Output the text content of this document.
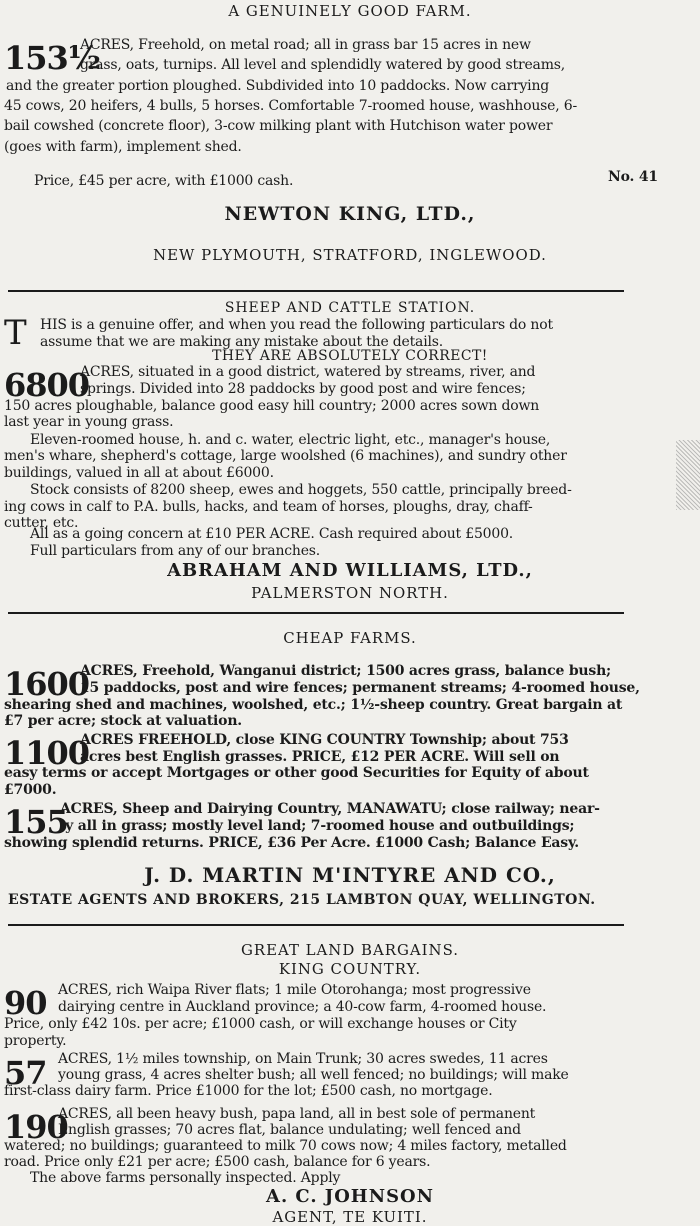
A GENUINELY GOOD FARM.
153½
ACRES, Freehold, on metal road; all in grass bar 15 acres in new
grass, oats, turnips. All level and splendidly watered by good streams,
and the greater portion ploughed. Subdivided into 10 paddocks. Now carrying
45 cows, 20 heifers, 4 bulls, 5 horses. Comfortable 7-roomed house, washhouse, 6-
bail cowshed (concrete floor), 3-cow milking plant with Hutchison water power
(goes with farm), implement shed.
Price, £45 per acre, with £1000 cash.	No. 41
NEWTON KING, LTD.,
NEW PLYMOUTH, STRATFORD, INGLEWOOD.
SHEEP AND CATTLE STATION.
T HIS is a genuine offer, and when you read the following particulars do not
assume that we are making any mistake about the details.
THEY ARE ABSOLUTELY CORRECT!
6800
ACRES, situated in a good district, watered by streams, river, and
springs. Divided into 28 paddocks by good post and wire fences;
150 acres ploughable, balance good easy hill country; 2000 acres sown down
last year in young grass.
Eleven-roomed house, h. and c. water, electric light, etc., manager's house,
men's whare, shepherd's cottage, large woolshed (6 machines), and sundry other
buildings, valued in all at about £6000.
Stock consists of 8200 sheep, ewes and hoggets, 550 cattle, principally breed-
ing cows in calf to P.A. bulls, hacks, and team of horses, ploughs, dray, chaff-
cutter, etc.
All as a going concern at £10 PER ACRE. Cash required about £5000.
Full particulars from any of our branches.
ABRAHAM AND WILLIAMS, LTD.,
PALMERSTON NORTH.
CHEAP FARMS.
1600
ACRES, Freehold, Wanganui district; 1500 acres grass, balance bush;
15 paddocks, post and wire fences; permanent streams; 4-roomed house,
shearing shed and machines, woolshed, etc.; 1½-sheep country. Great bargain at
£7 per acre; stock at valuation.
1100
ACRES FREEHOLD, close KING COUNTRY Township; about 753
acres best English grasses. PRICE, £12 PER ACRE. Will sell on
easy terms or accept Mortgages or other good Securities for Equity of about
£7000.
155
ACRES, Sheep and Dairying Country, MANAWATU; close railway; near-
ly all in grass; mostly level land; 7-roomed house and outbuildings;
showing splendid returns. PRICE, £36 Per Acre. £1000 Cash; Balance Easy.
J. D. MARTIN M'INTYRE AND CO.,
ESTATE AGENTS AND BROKERS, 215 LAMBTON QUAY, WELLINGTON.
GREAT LAND BARGAINS.
KING COUNTRY.
90 ACRES, rich Waipa River flats; 1 mile Otorohanga; most progressive
dairying centre in Auckland province; a 40-cow farm, 4-roomed house.
Price, only £42 10s. per acre; £1000 cash, or will exchange houses or City
property.
57 ACRES, 1½ miles township, on Main Trunk; 30 acres swedes, 11 acres
young grass, 4 acres shelter bush; all well fenced; no buildings; will make
first-class dairy farm. Price £1000 for the lot; £500 cash, no mortgage.
190
ACRES, all been heavy bush, papa land, all in best sole of permanent
English grasses; 70 acres flat, balance undulating; well fenced and
watered; no buildings; guaranteed to milk 70 cows now; 4 miles factory, metalled
road. Price only £21 per acre; £500 cash, balance for 6 years.
The above farms personally inspected. Apply
A. C. JOHNSON
AGENT, TE KUITI.
